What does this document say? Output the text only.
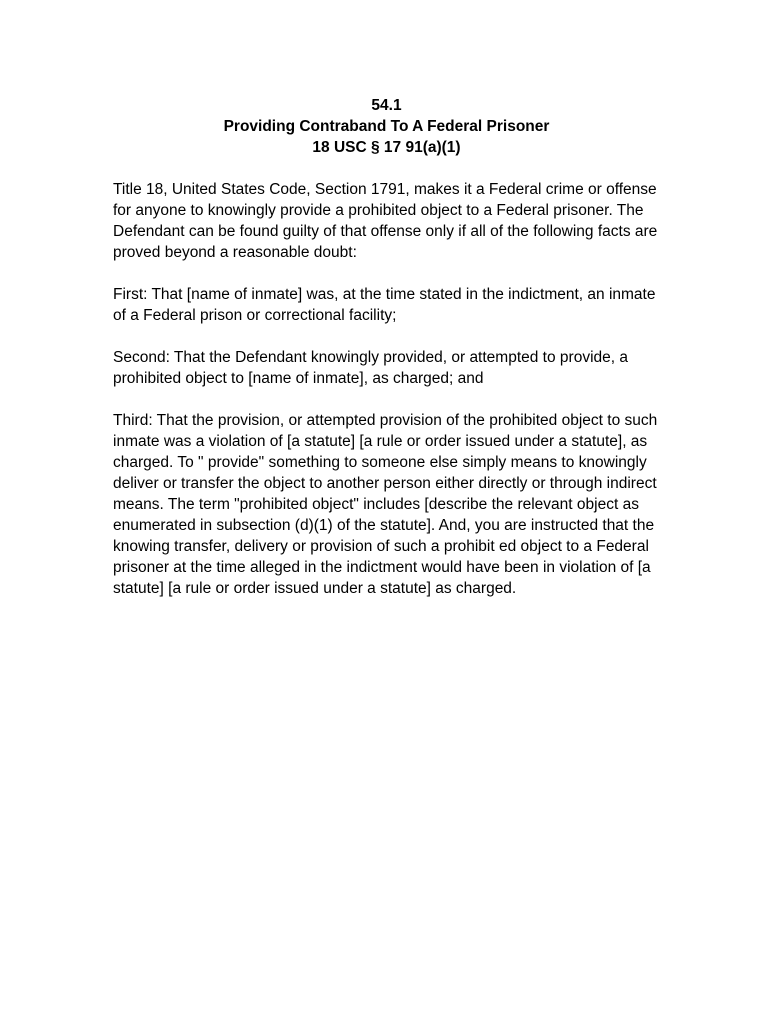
54.1
Providing Contraband To A Federal Prisoner
18 USC § 17 91(a)(1)

Title 18, United States Code, Section 1791, makes it a Federal crime or offense for anyone to knowingly provide a prohibited object to a Federal prisoner. The Defendant can be found guilty of that offense only if all of the following facts are proved beyond a reasonable doubt:

First: That [name of inmate] was, at the time stated in the indictment, an inmate of a Federal prison or correctional facility;

Second: That the Defendant knowingly provided, or attempted to provide, a prohibited object to [name of inmate], as charged; and

Third: That the provision, or attempted provision of the prohibited object to such inmate was a violation of [a statute] [a rule or order issued under a statute], as charged. To " provide" something to someone else simply means to knowingly deliver or transfer the object to another person either directly or through indirect means. The term "prohibited object" includes [describe the relevant object as enumerated in subsection (d)(1) of the statute]. And, you are instructed that the knowing transfer, delivery or provision of such a prohibit ed object to a Federal prisoner at the time alleged in the indictment would have been in violation of [a statute] [a rule or order issued under a statute] as charged.
